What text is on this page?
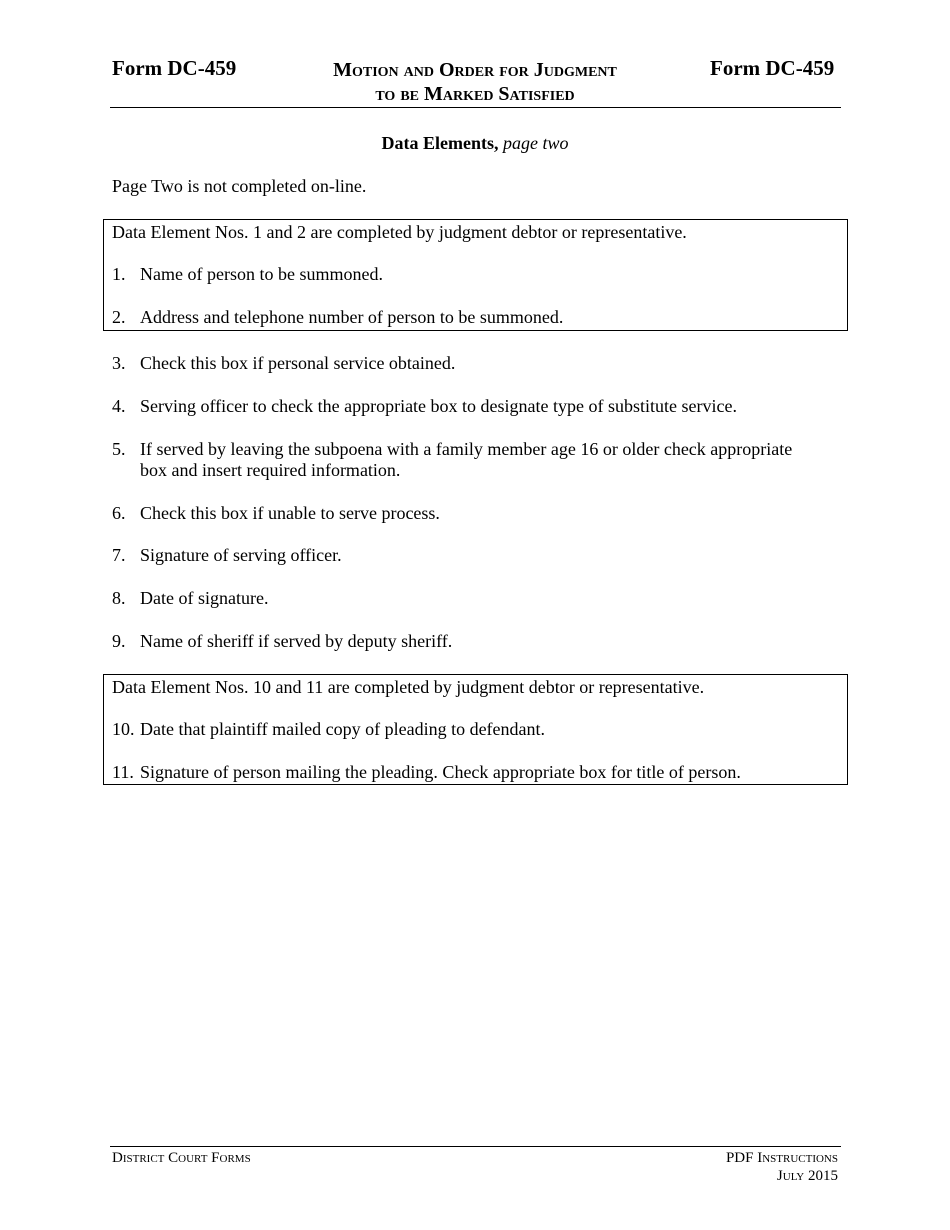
Form DC-459	Motion and Order for Judgment
to be Marked Satisfied
Form DC-459
Data Elements, page two
Page Two is not completed on-line.
Data Element Nos. 1 and 2 are completed by judgment debtor or representative.
1. Name of person to be summoned.
2. Address and telephone number of person to be summoned.
3. Check this box if personal service obtained.
4. Serving officer to check the appropriate box to designate type of substitute service.
5. If served by leaving the subpoena with a family member age 16 or older check appropriate
box and insert required information.
6. Check this box if unable to serve process.
7. Signature of serving officer.
8. Date of signature.
9. Name of sheriff if served by deputy sheriff.
Data Element Nos. 10 and 11 are completed by judgment debtor or representative.
10. Date that plaintiff mailed copy of pleading to defendant.
11. Signature of person mailing the pleading. Check appropriate box for title of person.
District Court Forms	PDF Instructions
July 2015
